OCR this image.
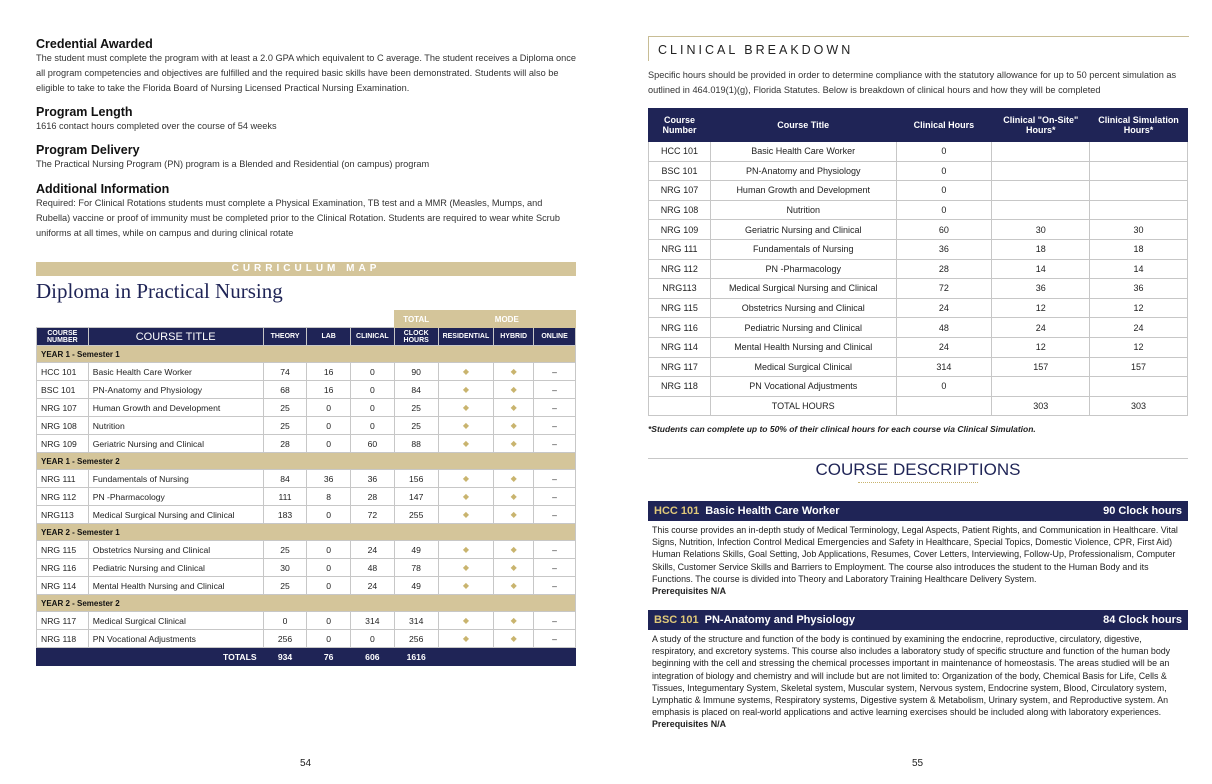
Credential Awarded

The student must complete the program with at least a 2.0 GPA which equivalent to C average. The student receives a Diploma once all program competencies and objectives are fulfilled and the required basic skills have been demonstrated. Students will also be eligible to take to take the Florida Board of Nursing Licensed Practical Nursing Examination.

Program Length

1616 contact hours completed over the course of 54 weeks

Program Delivery

The Practical Nursing Program (PN) program is a Blended and Residential (on campus) program

Additional Information

Required: For Clinical Rotations students must complete a Physical Examination, TB test and a MMR (Measles, Mumps, and Rubella) vaccine or proof of immunity must be completed prior to the Clinical Rotation. Students are required to wear white Scrub uniforms at all times, while on campus and during clinical rotate

CURRICULUM MAP
Diploma in Practical Nursing
					TOTAL	MODE		
COURSE NUMBER	COURSE TITLE	THEORY	LAB	CLINICAL	CLOCK HOURS	RESIDENTIAL	HYBRID	ONLINE
YEAR 1 - Semester 1								
HCC 101	Basic Health Care Worker	74	16	0	90	◆	◆	–
BSC 101	PN-Anatomy and Physiology	68	16	0	84	◆	◆	–
NRG 107	Human Growth and Development	25	0	0	25	◆	◆	–
NRG 108	Nutrition	25	0	0	25	◆	◆	–
NRG 109	Geriatric Nursing and Clinical	28	0	60	88	◆	◆	–
YEAR 1 - Semester 2								
NRG 111	Fundamentals of Nursing	84	36	36	156	◆	◆	–
NRG 112	PN -Pharmacology	111	8	28	147	◆	◆	–
NRG113	Medical Surgical Nursing and Clinical	183	0	72	255	◆	◆	–
YEAR 2 - Semester 1								
NRG 115	Obstetrics Nursing and Clinical	25	0	24	49	◆	◆	–
NRG 116	Pediatric Nursing and Clinical	30	0	48	78	◆	◆	–
NRG 114	Mental Health Nursing and Clinical	25	0	24	49	◆	◆	–
YEAR 2 - Semester 2								
NRG 117	Medical Surgical Clinical	0	0	314	314	◆	◆	–
NRG 118	PN Vocational Adjustments	256	0	0	256	◆	◆	–
TOTALS		934	76	606	1616			
54
CLINICAL BREAKDOWN

Specific hours should be provided in order to determine compliance with the statutory allowance for up to 50 percent simulation as outlined in 464.019(1)(g), Florida Statutes. Below is breakdown of clinical hours and how they will be completed

Course Number	Course Title	Clinical Hours	Clinical "On-Site" Hours*	Clinical Simulation Hours*
HCC 101	Basic Health Care Worker	0		
BSC 101	PN-Anatomy and Physiology	0		
NRG 107	Human Growth and Development	0		
NRG 108	Nutrition	0		
NRG 109	Geriatric Nursing and Clinical	60	30	30
NRG 111	Fundamentals of Nursing	36	18	18
NRG 112	PN -Pharmacology	28	14	14
NRG113	Medical Surgical Nursing and Clinical	72	36	36
NRG 115	Obstetrics Nursing and Clinical	24	12	12
NRG 116	Pediatric Nursing and Clinical	48	24	24
NRG 114	Mental Health Nursing and Clinical	24	12	12
NRG 117	Medical Surgical Clinical	314	157	157
NRG 118	PN Vocational Adjustments	0		
	TOTAL HOURS		303	303
*Students can complete up to 50% of their clinical hours for each course via Clinical Simulation.
COURSE DESCRIPTIONS
HCC 101 Basic Health Care Worker	90 Clock hours
This course provides an in-depth study of Medical Terminology, Legal Aspects, Patient Rights, and Communication in Healthcare. Vital Signs, Nutrition, Infection Control Medical Emergencies and Safety in Healthcare, Special Topics, Domestic Violence, CPR, First Aid) Human Relations Skills, Goal Setting, Job Applications, Resumes, Cover Letters, Interviewing, Follow-Up, Professionalism, Computer Skills, Customer Service Skills and Barriers to Employment. The course also introduces the student to the Human Body and its Functions. The course is divided into Theory and Laboratory Training Healthcare Delivery System.
Prerequisites N/A
BSC 101 PN-Anatomy and Physiology	84 Clock hours
A study of the structure and function of the body is continued by examining the endocrine, reproductive, circulatory, digestive, respiratory, and excretory systems. This course also includes a laboratory study of specific structure and function of the human body beginning with the cell and stressing the chemical processes important in maintenance of homeostasis. The areas studied will be an integration of biology and chemistry and will include but are not limited to: Organization of the body, Chemical Basis for Life, Cells & Tissues, Integumentary System, Skeletal system, Muscular system, Nervous system, Endocrine system, Blood, Circulatory system, Lymphatic & Immune systems, Respiratory systems, Digestive system & Metabolism, Urinary system, and Reproductive system. An emphasis is placed on real-world applications and active learning exercises should be included along with laboratory experiences. Prerequisites N/A
55
